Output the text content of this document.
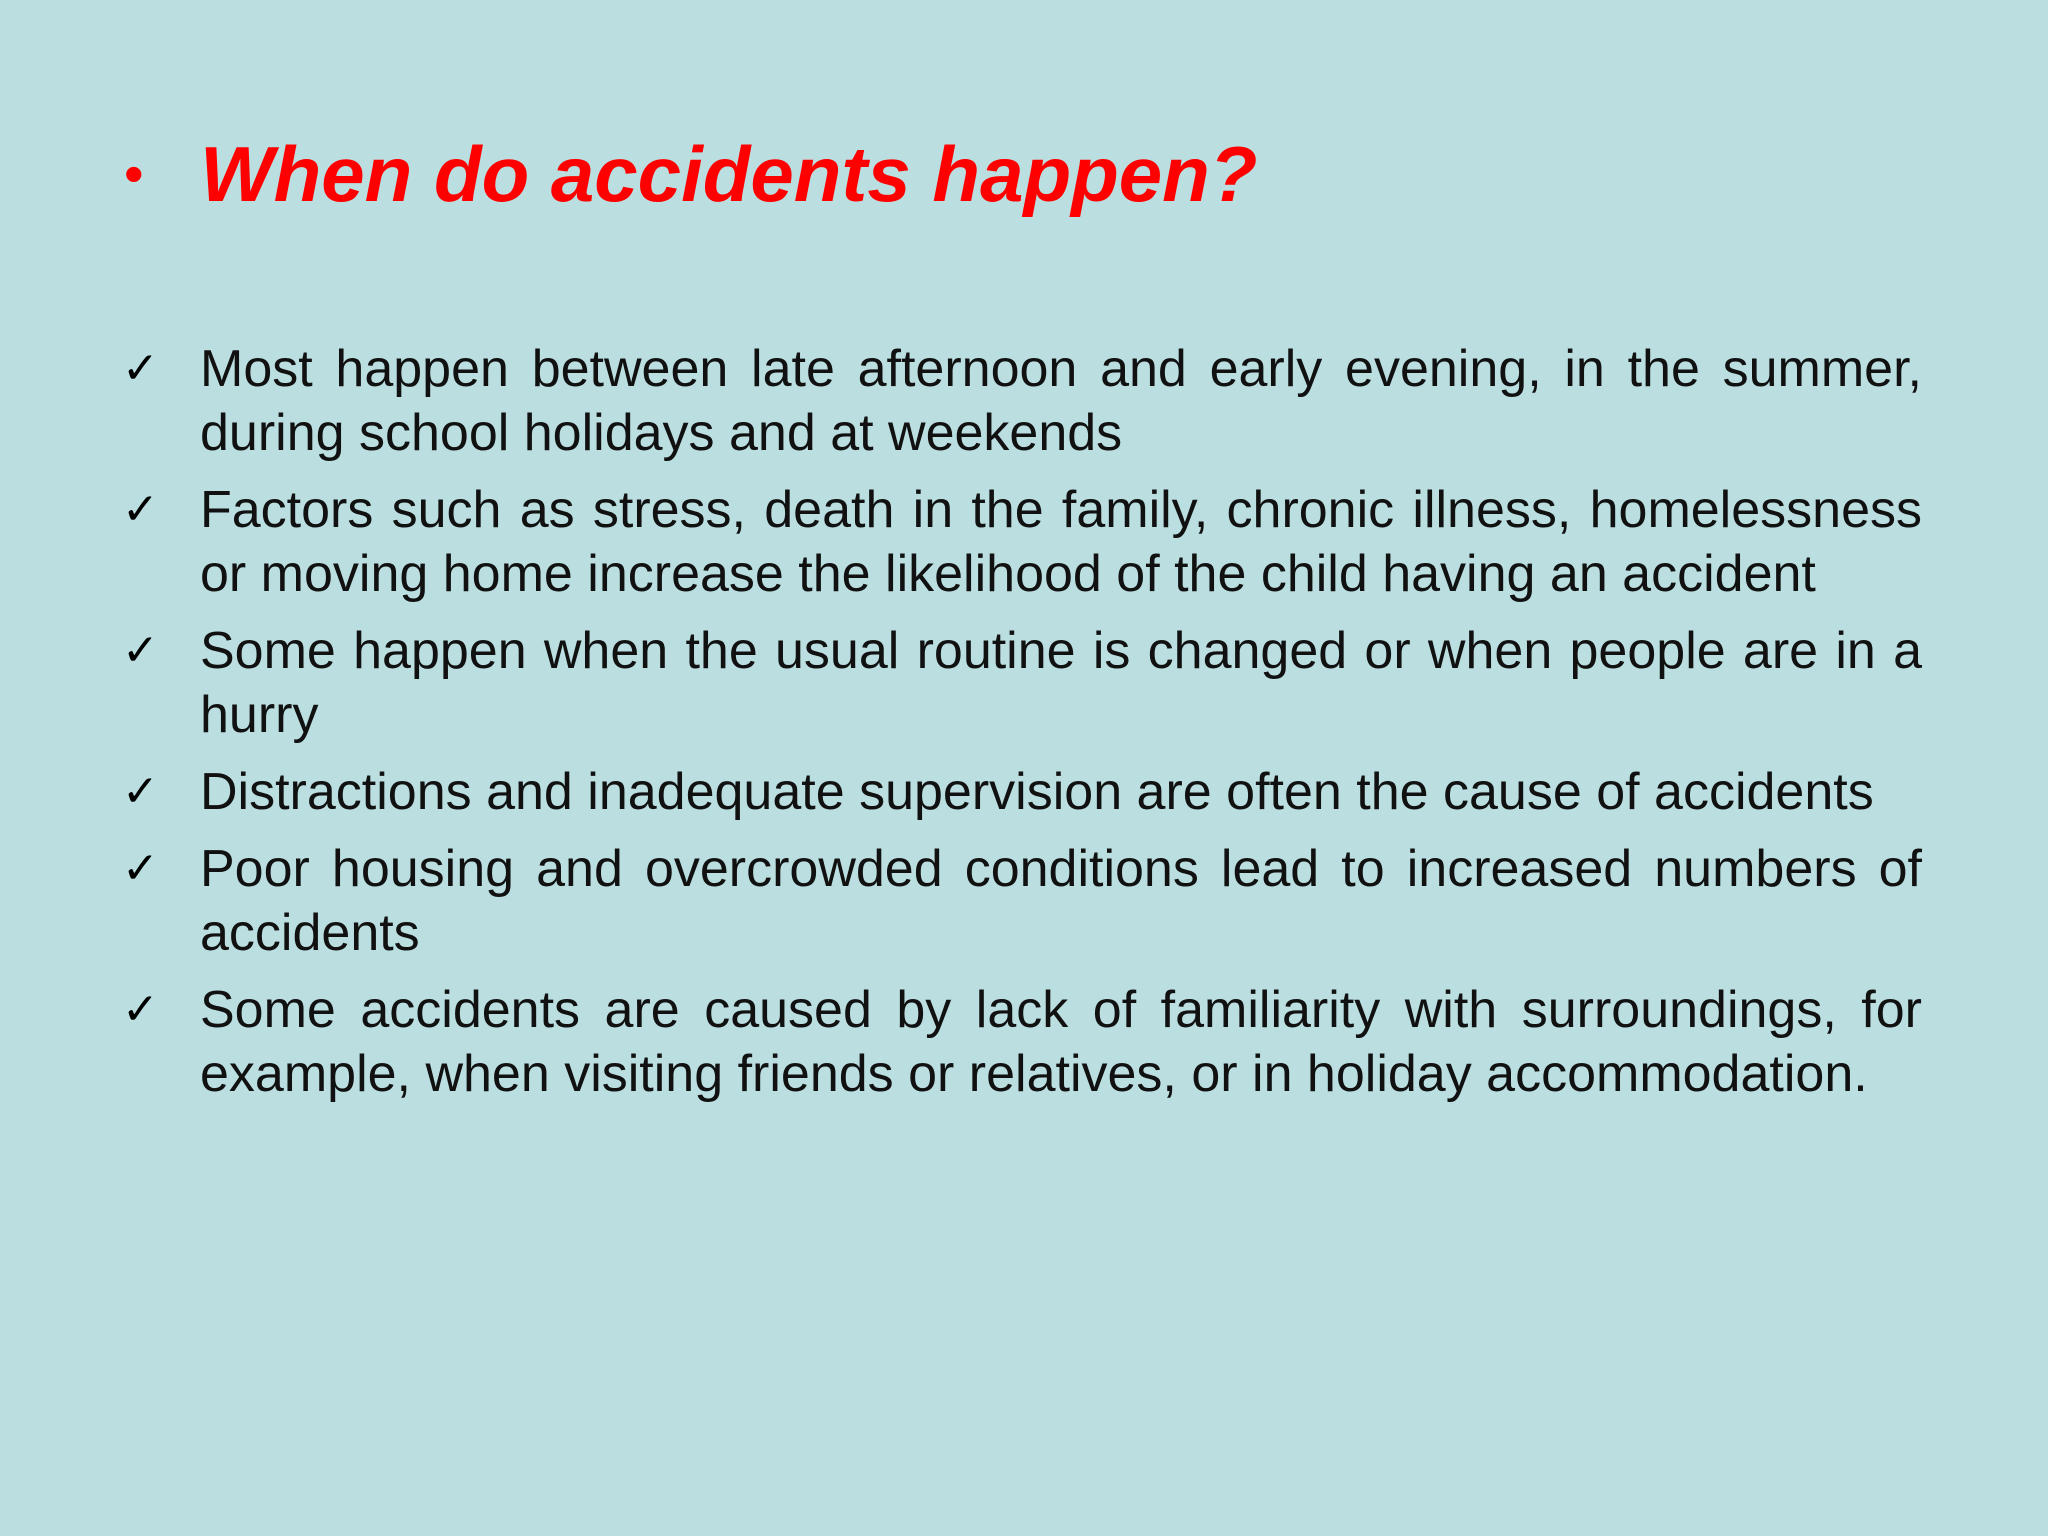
• When do accidents happen?
✓ Most happen between late afternoon and early evening, in the summer, during school holidays and at weekends
✓ Factors such as stress, death in the family, chronic illness, homelessness or moving home increase the likelihood of the child having an accident
✓ Some happen when the usual routine is changed or when people are in a hurry
✓ Distractions and inadequate supervision are often the cause of accidents
✓ Poor housing and overcrowded conditions lead to increased numbers of accidents
✓ Some accidents are caused by lack of familiarity with surroundings, for example, when visiting friends or relatives, or in holiday accommodation.
